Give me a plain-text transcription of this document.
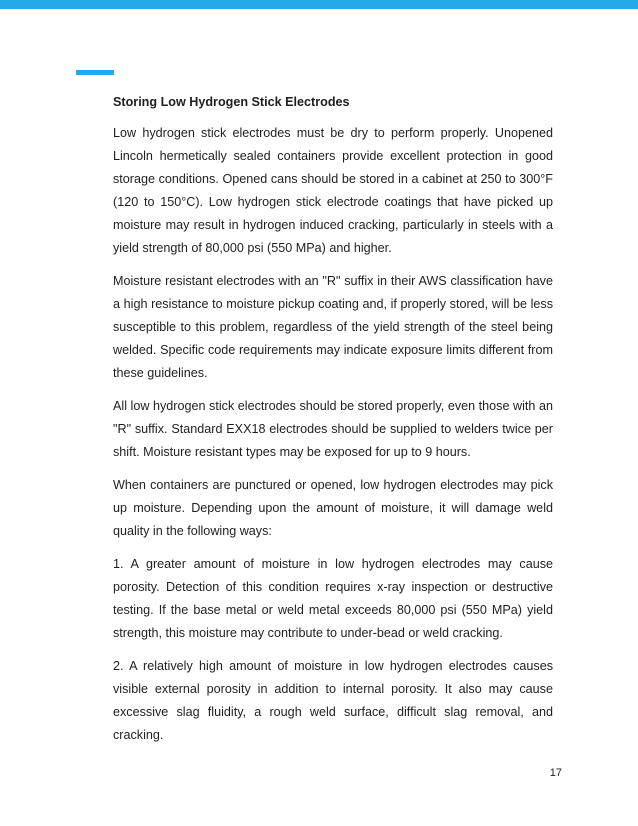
Storing Low Hydrogen Stick Electrodes

Low hydrogen stick electrodes must be dry to perform properly. Unopened Lincoln hermetically sealed containers provide excellent protection in good storage conditions. Opened cans should be stored in a cabinet at 250 to 300°F (120 to 150°C). Low hydrogen stick electrode coatings that have picked up moisture may result in hydrogen induced cracking, particularly in steels with a yield strength of 80,000 psi (550 MPa) and higher.

Moisture resistant electrodes with an "R" suffix in their AWS classification have a high resistance to moisture pickup coating and, if properly stored, will be less susceptible to this problem, regardless of the yield strength of the steel being welded. Specific code requirements may indicate exposure limits different from these guidelines.

All low hydrogen stick electrodes should be stored properly, even those with an "R" suffix. Standard EXX18 electrodes should be supplied to welders twice per shift. Moisture resistant types may be exposed for up to 9 hours.

When containers are punctured or opened, low hydrogen electrodes may pick up moisture. Depending upon the amount of moisture, it will damage weld quality in the following ways:

1. A greater amount of moisture in low hydrogen electrodes may cause porosity. Detection of this condition requires x-ray inspection or destructive testing. If the base metal or weld metal exceeds 80,000 psi (550 MPa) yield strength, this moisture may contribute to under-bead or weld cracking.

2. A relatively high amount of moisture in low hydrogen electrodes causes visible external porosity in addition to internal porosity. It also may cause excessive slag fluidity, a rough weld surface, difficult slag removal, and cracking.

17
